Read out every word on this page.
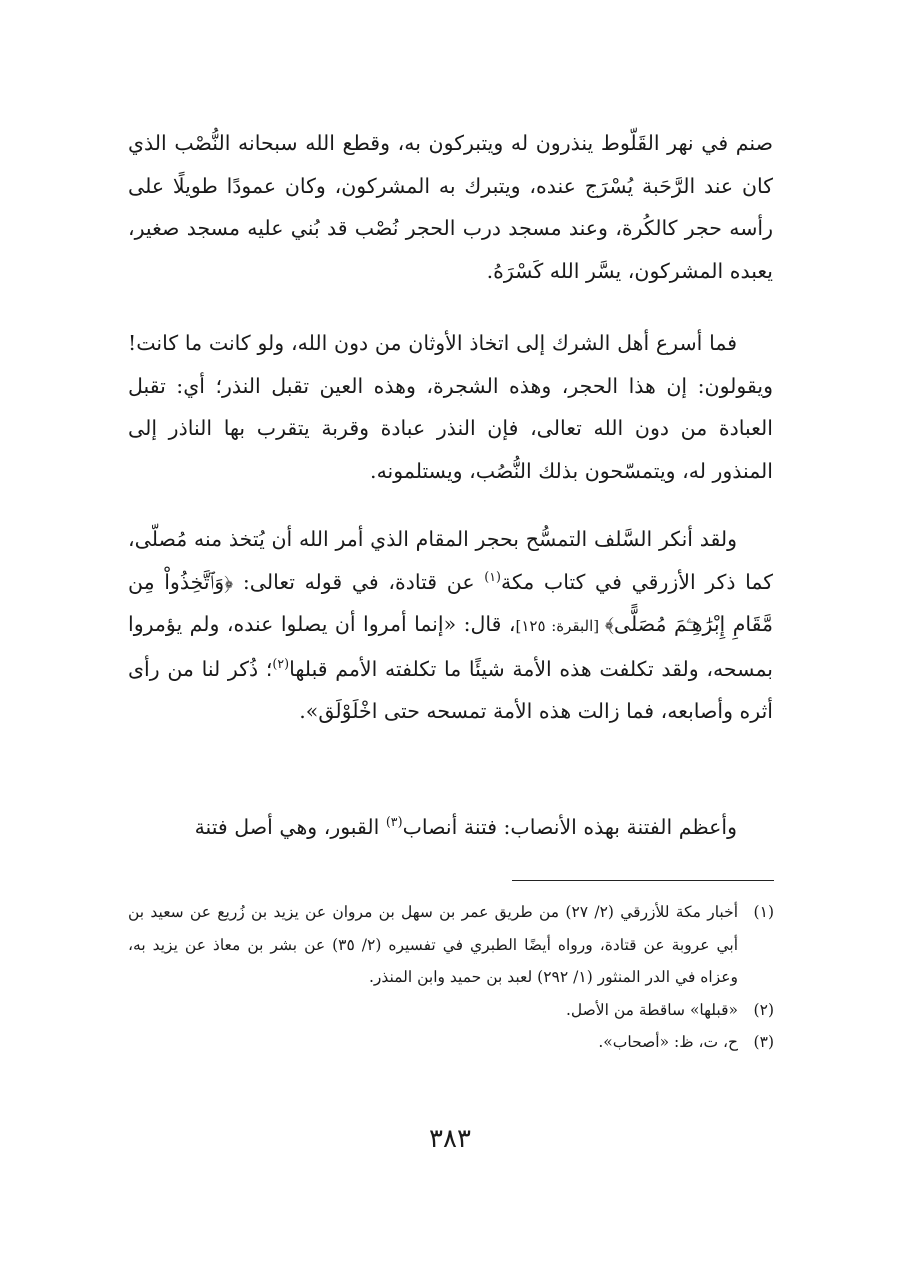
صنم في نهر القَلّوط ينذرون له ويتبركون به، وقطع الله سبحانه النُّصْب الذي كان عند الرَّحَبة يُسْرَج عنده، ويتبرك به المشركون، وكان عمودًا طويلًا على رأسه حجر كالكُرة، وعند مسجد درب الحجر نُصْب قد بُني عليه مسجد صغير، يعبده المشركون، يسَّر الله كَسْرَهُ.

فما أسرع أهل الشرك إلى اتخاذ الأوثان من دون الله، ولو كانت ما كانت! ويقولون: إن هذا الحجر، وهذه الشجرة، وهذه العين تقبل النذر؛ أي: تقبل العبادة من دون الله تعالى، فإن النذر عبادة وقربة يتقرب بها الناذر إلى المنذور له، ويتمسّحون بذلك النُّصُب، ويستلمونه.

ولقد أنكر السَّلف التمسُّح بحجر المقام الذي أمر الله أن يُتخذ منه مُصلّى، كما ذكر الأزرقي في كتاب مكة$^{(١)}$ عن قتادة، في قوله تعالى: ﴿وَٱتَّخِذُواْ مِن مَّقَامِ إِبْرَٰهِـۧمَ مُصَلًّى﴾ [البقرة: ١٢٥]، قال: «إنما أمروا أن يصلوا عنده، ولم يؤمروا بمسحه، ولقد تكلفت هذه الأمة شيئًا ما تكلفته الأمم قبلها$^{(٢)}$؛ ذُكر لنا من رأى أثره وأصابعه، فما زالت هذه الأمة تمسحه حتى اخْلَوْلَق».

وأعظم الفتنة بهذه الأنصاب: فتنة أنصاب$^{(٣)}$ القبور، وهي أصل فتنة

(١)
أخبار مكة للأزرقي (٢/ ٢٧) من طريق عمر بن سهل بن مروان عن يزيد بن زُريع عن سعيد بن أبي عروبة عن قتادة، ورواه أيضًا الطبري في تفسيره (٢/ ٣٥) عن بشر بن معاذ عن يزيد به، وعزاه في الدر المنثور (١/ ٢٩٢) لعبد بن حميد وابن المنذر.
(٢)
«قبلها» ساقطة من الأصل.
(٣)
ح، ت، ظ: «أصحاب».
٣٨٣
